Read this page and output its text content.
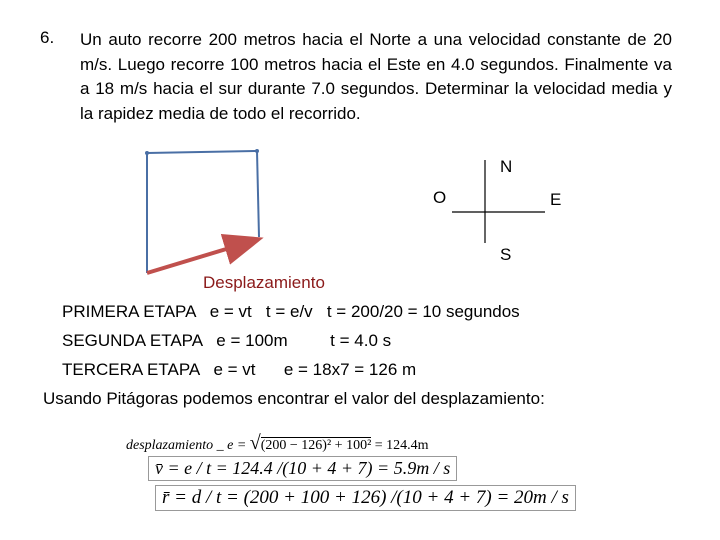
6. Un auto recorre 200 metros hacia el Norte a una velocidad constante de 20 m/s. Luego recorre 100 metros hacia el Este en 4.0 segundos. Finalmente va a 18 m/s hacia el sur durante 7.0 segundos. Determinar la velocidad media y la rapidez media de todo el recorrido.
N
E
O
S
Desplazamiento
PRIMERA ETAPA   e = vt   t = e/v   t = 200/20 = 10 segundos
SEGUNDA ETAPA   e = 100m         t = 4.0 s
TERCERA ETAPA   e = vt      e = 18x7 = 126 m
Usando Pitágoras podemos encontrar el valor del desplazamiento:
desplazamiento _ e = √(200 − 126)² + 100² = 124.4m
v̄ = e / t = 124.4 /(10 + 4 + 7) = 5.9m / s
r̄ = d / t = (200 + 100 + 126) /(10 + 4 + 7) = 20m / s
